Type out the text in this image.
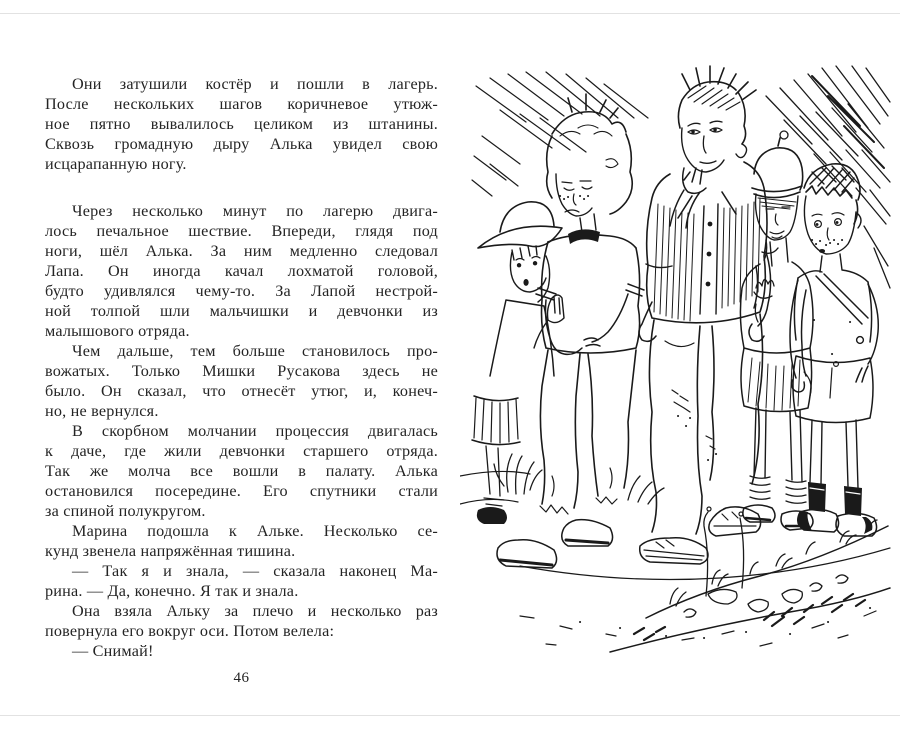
Они затушили костёр и пошли в лагерь.
После нескольких шагов коричневое утюж-
ное пятно вывалилось целиком из штанины.
Сквозь громадную дыру Алька увидел свою
исцарапанную ногу.
Через несколько минут по лагерю двига-
лось печальное шествие. Впереди, глядя под
ноги, шёл Алька. За ним медленно следовал
Лапа. Он иногда качал лохматой головой,
будто удивлялся чему-то. За Лапой нестрой-
ной толпой шли мальчишки и девчонки из
малышового отряда.
Чем дальше, тем больше становилось про-
вожатых. Только Мишки Русакова здесь не
было. Он сказал, что отнесёт утюг, и, конеч-
но, не вернулся.
В скорбном молчании процессия двигалась
к даче, где жили девчонки старшего отряда.
Так же молча все вошли в палату. Алька
остановился посередине. Его спутники стали
за спиной полукругом.
Марина подошла к Альке. Несколько се-
кунд звенела напряжённая тишина.
— Так я и знала, — сказала наконец Ма-
рина. — Да, конечно. Я так и знала.
Она взяла Альку за плечо и несколько раз
повернула его вокруг оси. Потом велела:
— Снимай!
46
